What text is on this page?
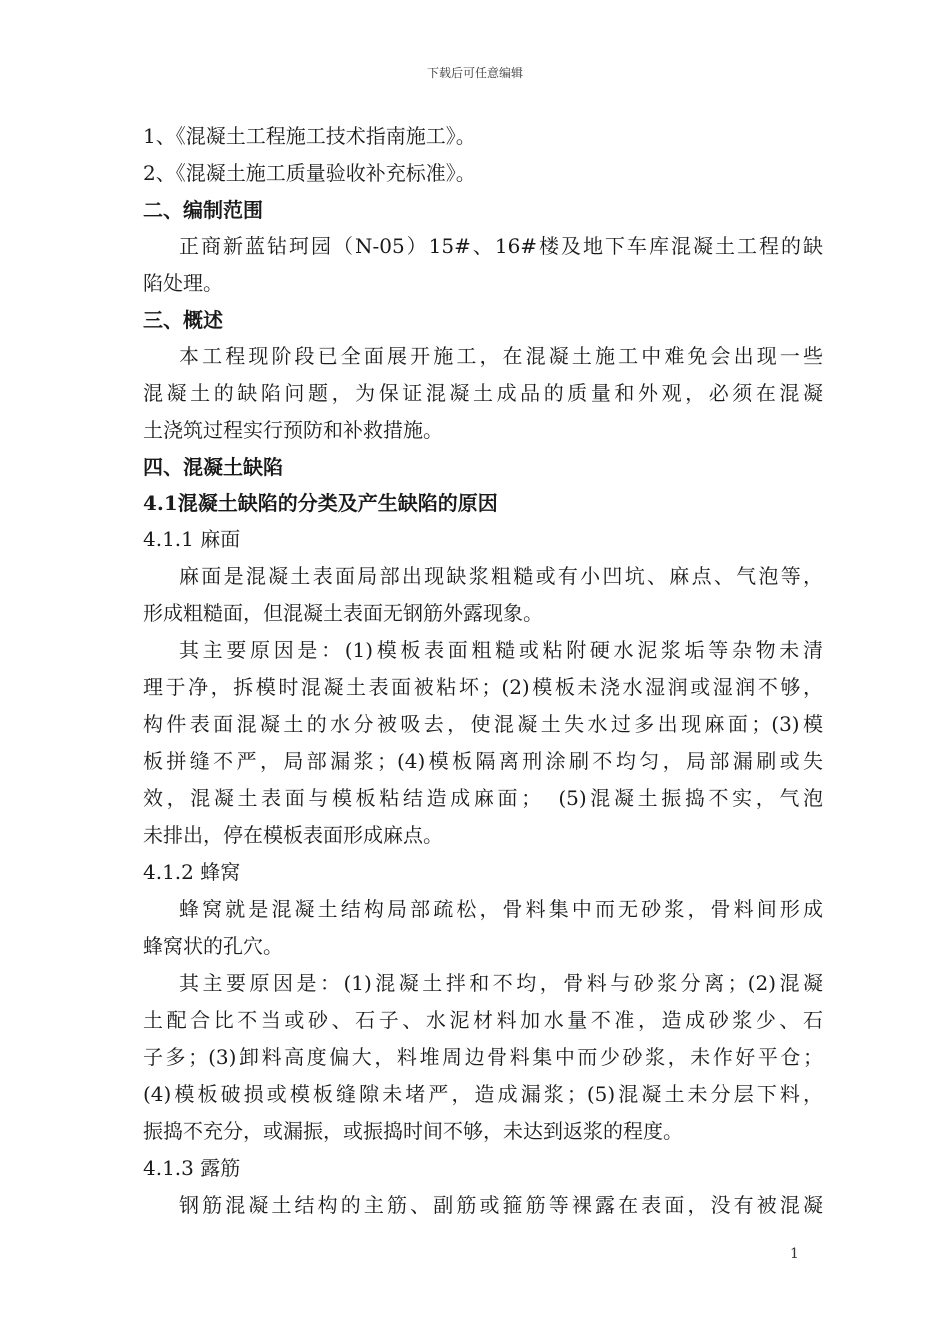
下载后可任意编辑

1、《混凝土工程施工技术指南施工》。

2、《混凝土施工质量验收补充标准》。

二、编制范围

正商新蓝钻珂园（N-05）15#、16#楼及地下车库混凝土工程的缺

陷处理。

三、概述

本工程现阶段已全面展开施工，在混凝土施工中难免会出现一些

混凝土的缺陷问题，为保证混凝土成品的质量和外观，必须在混凝

土浇筑过程实行预防和补救措施。

四、混凝土缺陷

4.1混凝土缺陷的分类及产生缺陷的原因

4.1.1 麻面

麻面是混凝土表面局部出现缺浆粗糙或有小凹坑、麻点、气泡等，

形成粗糙面，但混凝土表面无钢筋外露现象。

其主要原因是：(1)模板表面粗糙或粘附硬水泥浆垢等杂物未清

理于净，拆模时混凝土表面被粘坏；(2)模板未浇水湿润或湿润不够，

构件表面混凝土的水分被吸去，使混凝土失水过多出现麻面；(3)模

板拼缝不严，局部漏浆；(4)模板隔离刑涂刷不均匀，局部漏刷或失

效，混凝土表面与模板粘结造成麻面；　(5)混凝土振捣不实，气泡

未排出，停在模板表面形成麻点。

4.1.2 蜂窝

蜂窝就是混凝土结构局部疏松，骨料集中而无砂浆，骨料间形成

蜂窝状的孔穴。

其主要原因是：(1)混凝土拌和不均，骨料与砂浆分离；(2)混凝

土配合比不当或砂、石子、水泥材料加水量不准，造成砂浆少、石

子多；(3)卸料高度偏大，料堆周边骨料集中而少砂浆，未作好平仓；

(4)模板破损或模板缝隙未堵严，造成漏浆；(5)混凝土未分层下料，

振捣不充分，或漏振，或振捣时间不够，未达到返浆的程度。

4.1.3 露筋

钢筋混凝土结构的主筋、副筋或箍筋等裸露在表面，没有被混凝

1
